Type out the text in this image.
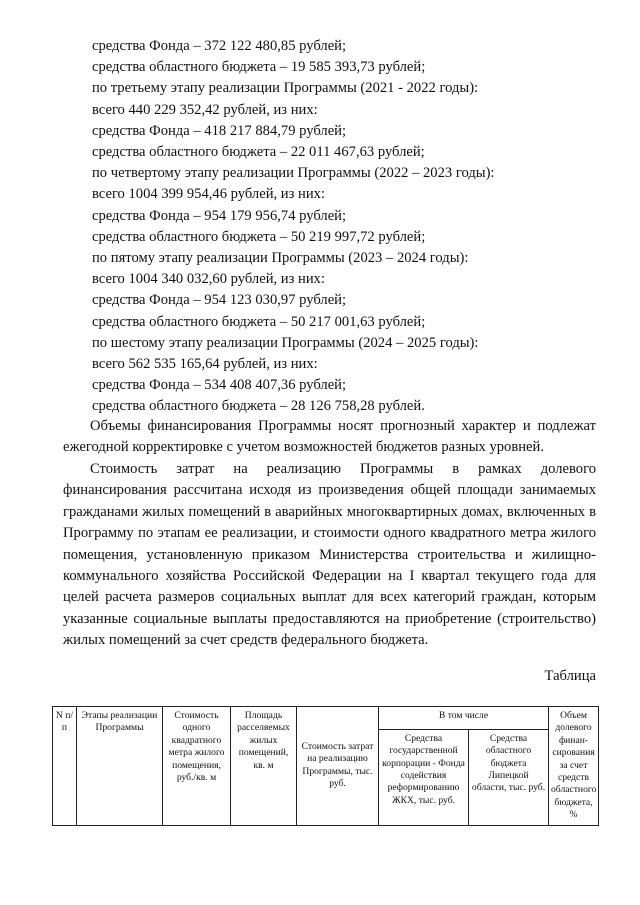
средства Фонда – 372 122 480,85 рублей;
средства областного бюджета – 19 585 393,73 рублей;
по третьему этапу реализации Программы (2021 - 2022 годы):
всего 440 229 352,42 рублей, из них:
средства Фонда – 418 217 884,79 рублей;
средства областного бюджета – 22 011 467,63 рублей;
по четвертому этапу реализации Программы (2022 – 2023 годы):
всего 1004 399 954,46 рублей, из них:
средства Фонда – 954 179 956,74 рублей;
средства областного бюджета – 50 219 997,72 рублей;
по пятому этапу реализации Программы (2023 – 2024 годы):
всего 1004 340 032,60 рублей, из них:
средства Фонда – 954 123 030,97 рублей;
средства областного бюджета – 50 217 001,63 рублей;
по шестому этапу реализации Программы (2024 – 2025 годы):
всего 562 535 165,64 рублей, из них:
средства Фонда – 534 408 407,36 рублей;
средства областного бюджета – 28 126 758,28 рублей.
Объемы финансирования Программы носят прогнозный характер и подлежат ежегодной корректировке с учетом возможностей бюджетов разных уровней.
Стоимость затрат на реализацию Программы в рамках долевого финансирования рассчитана исходя из произведения общей площади занимаемых гражданами жилых помещений в аварийных многоквартирных домах, включенных в Программу по этапам ее реализации, и стоимости одного квадратного метра жилого помещения, установленную приказом Министерства строительства и жилищно-коммунального хозяйства Российской Федерации на I квартал текущего года для целей расчета размеров социальных выплат для всех категорий граждан, которым указанные социальные выплаты предоставляются на приобретение (строительство) жилых помещений за счет средств федерального бюджета.
Таблица
N п/п	Этапы реализации Программы	Стоимость одного квадратного метра жилого помещения, руб./кв. м	Площадь расселяемых жилых помещений, кв. м	Стоимость затрат на реализацию Программы, тыс. руб.	В том числе		Объем долевого финан-сирования за счет средств областного бюджета, %
					Средства государственной корпорации - Фонда содействия реформированию ЖКХ, тыс. руб.	Средства областного бюджета Липецкой области, тыс. руб.	
